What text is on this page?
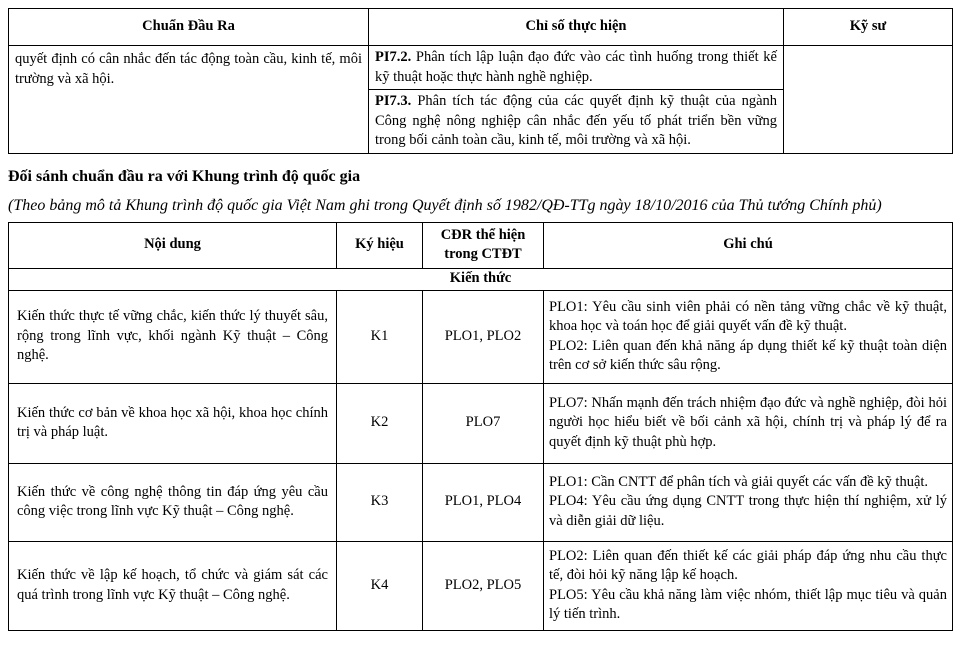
Chuẩn Đầu Ra	Chỉ số thực hiện	Kỹ sư
quyết định có cân nhắc đến tác động toàn cầu, kinh tế, môi trường và xã hội.	PI7.2. Phân tích lập luận đạo đức vào các tình huống trong thiết kế kỹ thuật hoặc thực hành nghề nghiệp.	
	PI7.3. Phân tích tác động của các quyết định kỹ thuật của ngành Công nghệ nông nghiệp cân nhắc đến yếu tố phát triển bền vững trong bối cảnh toàn cầu, kinh tế, môi trường và xã hội.	

Đối sánh chuẩn đầu ra với Khung trình độ quốc gia

(Theo bảng mô tả Khung trình độ quốc gia Việt Nam ghi trong Quyết định số 1982/QĐ-TTg ngày 18/10/2016 của Thủ tướng Chính phủ)

Nội dung	Ký hiệu	CĐR thể hiện trong CTĐT	Ghi chú
Kiến thức			
Kiến thức thực tế vững chắc, kiến thức lý thuyết sâu, rộng trong lĩnh vực, khối ngành Kỹ thuật – Công nghệ.	K1	PLO1, PLO2	PLO1: Yêu cầu sinh viên phải có nền tảng vững chắc về kỹ thuật, khoa học và toán học để giải quyết vấn đề kỹ thuật.

PLO2: Liên quan đến khả năng áp dụng thiết kế kỹ thuật toàn diện trên cơ sở kiến thức sâu rộng.

Kiến thức cơ bản về khoa học xã hội, khoa học chính trị và pháp luật.	K2	PLO7	PLO7: Nhấn mạnh đến trách nhiệm đạo đức và nghề nghiệp, đòi hỏi người học hiểu biết về bối cảnh xã hội, chính trị và pháp lý để ra quyết định kỹ thuật phù hợp.

Kiến thức về công nghệ thông tin đáp ứng yêu cầu công việc trong lĩnh vực Kỹ thuật – Công nghệ.	K3	PLO1, PLO4	PLO1: Cần CNTT để phân tích và giải quyết các vấn đề kỹ thuật.

PLO4: Yêu cầu ứng dụng CNTT trong thực hiện thí nghiệm, xử lý và diễn giải dữ liệu.

Kiến thức về lập kế hoạch, tổ chức và giám sát các quá trình trong lĩnh vực Kỹ thuật – Công nghệ.	K4	PLO2, PLO5	PLO2: Liên quan đến thiết kế các giải pháp đáp ứng nhu cầu thực tế, đòi hỏi kỹ năng lập kế hoạch.

PLO5: Yêu cầu khả năng làm việc nhóm, thiết lập mục tiêu và quản lý tiến trình.
